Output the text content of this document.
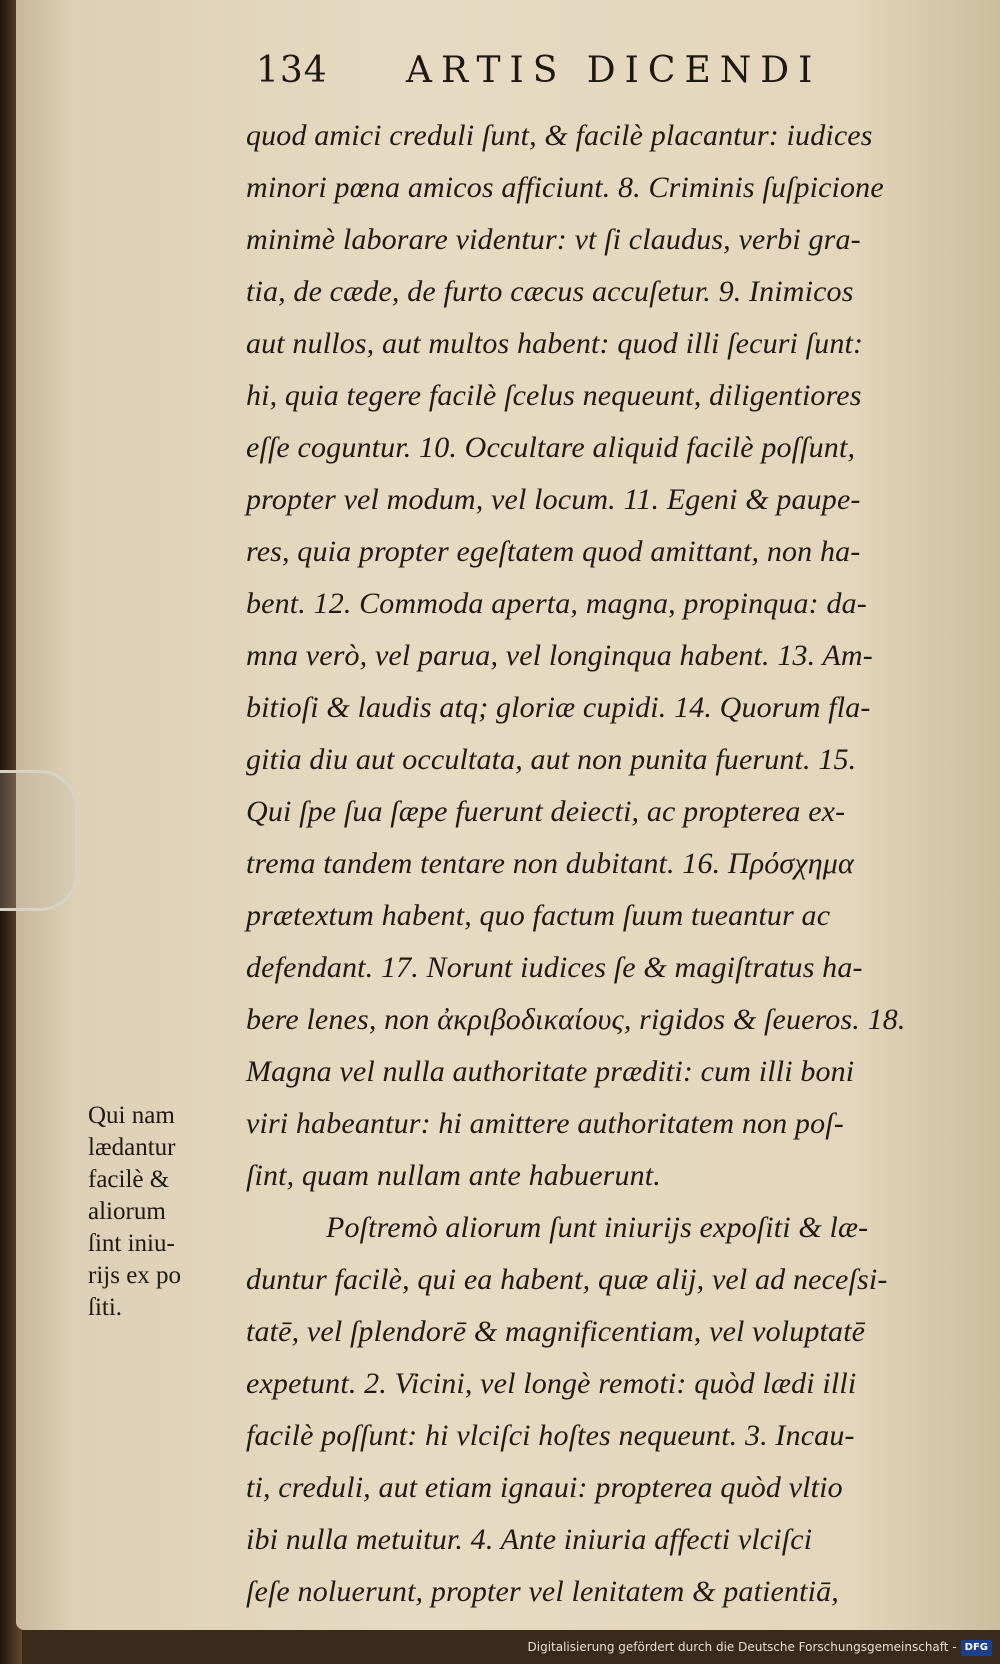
134 ARTIS DICENDI
quod amici creduli ſunt, & facilè placantur: iudices
minori pœna amicos afficiunt. 8. Criminis ſuſpicione
minimè laborare videntur: vt ſi claudus, verbi gra-
tia, de cæde, de furto cæcus accuſetur. 9. Inimicos
aut nullos, aut multos habent: quod illi ſecuri ſunt:
hi, quia tegere facilè ſcelus nequeunt, diligentiores
eſſe coguntur. 10. Occultare aliquid facilè poſſunt,
propter vel modum, vel locum. 11. Egeni & paupe-
res, quia propter egeſtatem quod amittant, non ha-
bent. 12. Commoda aperta, magna, propinqua: da-
mna verò, vel parua, vel longinqua habent. 13. Am-
bitioſi & laudis atq; gloriæ cupidi. 14. Quorum fla-
gitia diu aut occultata, aut non punita fuerunt. 15.
Qui ſpe ſua ſæpe fuerunt deiecti, ac propterea ex-
trema tandem tentare non dubitant. 16. Πρόσχημα
prætextum habent, quo factum ſuum tueantur ac
defendant. 17. Norunt iudices ſe & magiſtratus ha-
bere lenes, non ἀκριβοδικαίους, rigidos & ſeueros. 18.
Magna vel nulla authoritate præditi: cum illi boni
viri habeantur: hi amittere authoritatem non poſ-
ſint, quam nullam ante habuerunt.
Poſtremò aliorum ſunt iniurijs expoſiti & læ-
duntur facilè, qui ea habent, quæ alij, vel ad neceſsi-
tatē, vel ſplendorē & magnificentiam, vel voluptatē
expetunt. 2. Vicini, vel longè remoti: quòd lædi illi
facilè poſſunt: hi vlciſci hoſtes nequeunt. 3. Incau-
ti, creduli, aut etiam ignaui: propterea quòd vltio
ibi nulla metuitur. 4. Ante iniuria affecti vlciſci
ſeſe noluerunt, propter vel lenitatem & patientiā,
Qui nam
lædantur
facilè &
aliorum
ſint iniu-
rijs ex po
ſiti.
Digitalisierung gefördert durch die Deutsche Forschungsgemeinschaft - DFG
